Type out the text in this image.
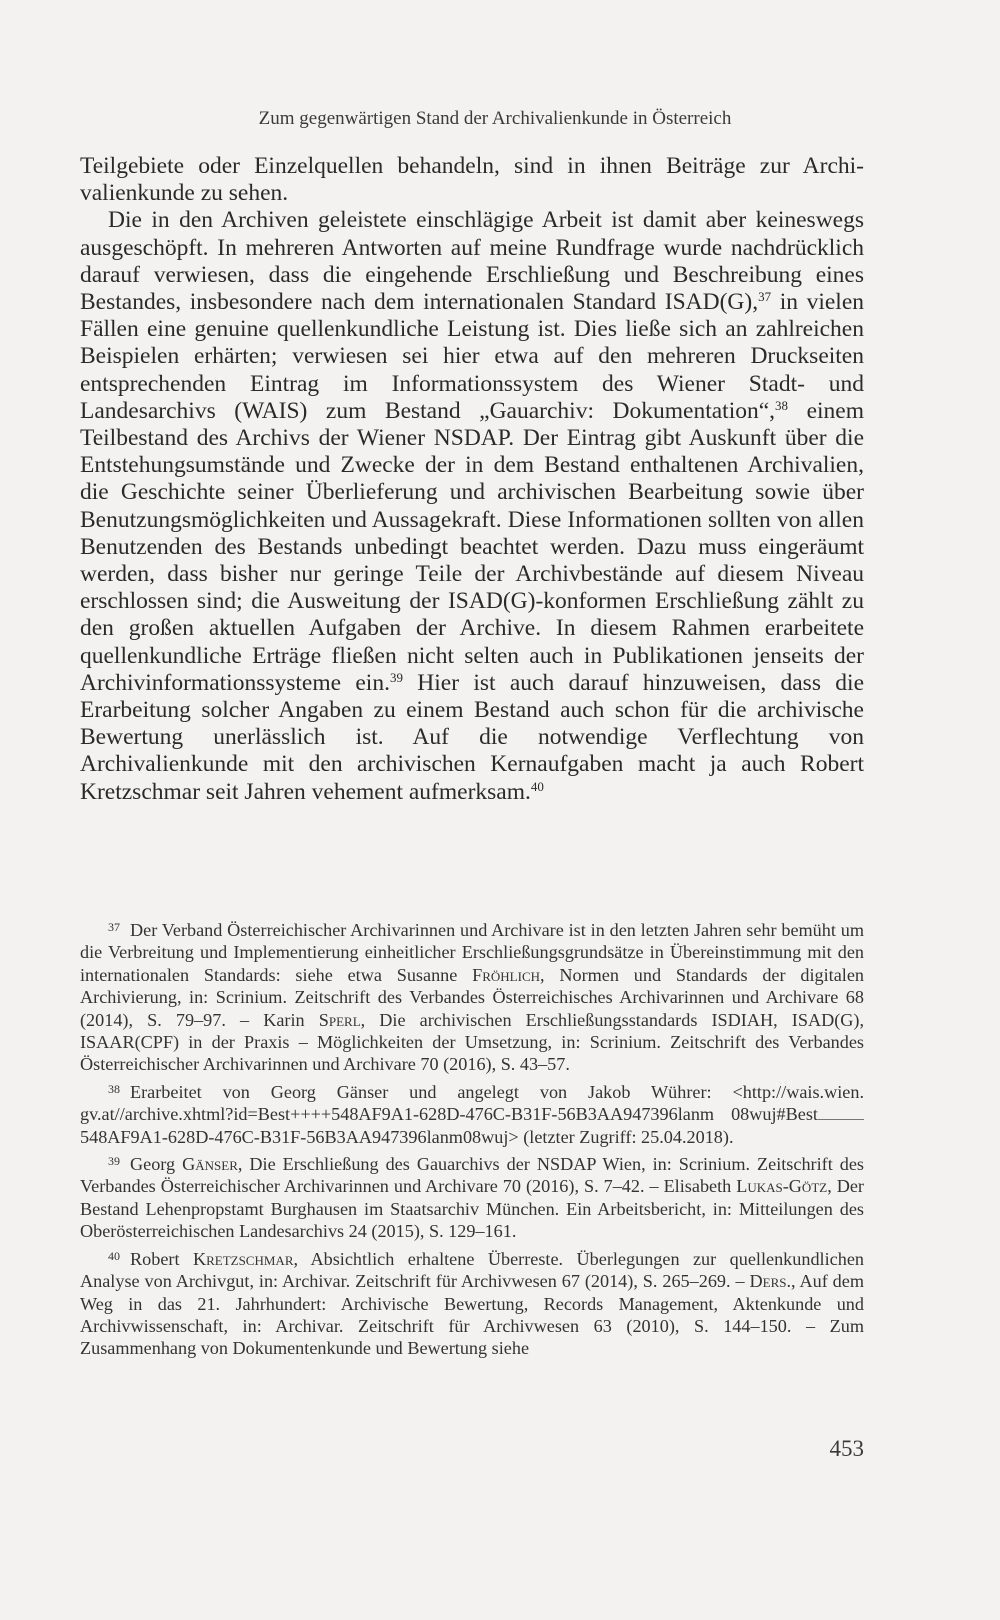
Zum gegenwärtigen Stand der Archivalienkunde in Österreich

Teilgebiete oder Einzelquellen behandeln, sind in ihnen Beiträge zur Archivalienkunde zu sehen.

Die in den Archiven geleistete einschlägige Arbeit ist damit aber keineswegs ausgeschöpft. In mehreren Antworten auf meine Rundfrage wurde nachdrücklich darauf verwiesen, dass die eingehende Erschließung und Beschreibung eines Bestandes, insbesondere nach dem internationalen Standard ISAD(G),$^{37}$ in vielen Fällen eine genuine quellenkundliche Leistung ist. Dies ließe sich an zahlreichen Beispielen erhärten; verwiesen sei hier etwa auf den mehreren Druckseiten entsprechenden Eintrag im Informationssystem des Wiener Stadt- und Landesarchivs (WAIS) zum Bestand „Gauarchiv: Dokumentation“,$^{38}$ einem Teilbestand des Archivs der Wiener NSDAP. Der Eintrag gibt Auskunft über die Entstehungsumstände und Zwecke der in dem Bestand enthaltenen Archivalien, die Geschichte seiner Überlieferung und archivischen Bearbeitung sowie über Benutzungsmöglichkeiten und Aussagekraft. Diese Informationen sollten von allen Benutzenden des Bestands unbedingt beachtet werden. Dazu muss eingeräumt werden, dass bisher nur geringe Teile der Archivbestände auf diesem Niveau erschlossen sind; die Ausweitung der ISAD(G)-konformen Erschließung zählt zu den großen aktuellen Aufgaben der Archive. In diesem Rahmen erarbeitete quellenkundliche Erträge fließen nicht selten auch in Publikationen jenseits der Archivinformationssysteme ein.$^{39}$ Hier ist auch darauf hinzuweisen, dass die Erarbeitung solcher Angaben zu einem Bestand auch schon für die archivische Bewertung unerlässlich ist. Auf die notwendige Verflechtung von Archivalienkunde mit den archivischen Kernaufgaben macht ja auch Robert Kretzschmar seit Jahren vehement aufmerksam.$^{40}$

$^{37}$ Der Verband Österreichischer Archivarinnen und Archivare ist in den letzten Jahren sehr bemüht um die Verbreitung und Implementierung einheitlicher Erschließungsgrundsätze in Übereinstimmung mit den internationalen Standards: siehe etwa Susanne Fröhlich, Normen und Standards der digitalen Archivierung, in: Scrinium. Zeitschrift des Verbandes Österreichisches Archivarinnen und Archivare 68 (2014), S. 79–97. – Karin Sperl, Die archivischen Erschließungsstandards ISDIAH, ISAD(G), ISAAR(CPF) in der Praxis – Möglichkeiten der Umsetzung, in: Scrinium. Zeitschrift des Verbandes Österreichischer Archivarinnen und Archivare 70 (2016), S. 43–57.

$^{38}$ Erarbeitet von Georg Gänser und angelegt von Jakob Wührer: <http://wais.wien. gv.at//archive.xhtml?id=Best++++548AF9A1-628D-476C-B31F-56B3AA947396lanm 08wuj#Best548AF9A1-628D-476C-B31F-56B3AA947396lanm08wuj> (letzter Zugriff: 25.04.2018).

$^{39}$ Georg Gänser, Die Erschließung des Gauarchivs der NSDAP Wien, in: Scrinium. Zeitschrift des Verbandes Österreichischer Archivarinnen und Archivare 70 (2016), S. 7–42. – Elisabeth Lukas-Götz, Der Bestand Lehenpropstamt Burghausen im Staatsarchiv München. Ein Arbeitsbericht, in: Mitteilungen des Oberösterreichischen Landesarchivs 24 (2015), S. 129–161.

$^{40}$ Robert Kretzschmar, Absichtlich erhaltene Überreste. Überlegungen zur quellenkundlichen Analyse von Archivgut, in: Archivar. Zeitschrift für Archivwesen 67 (2014), S. 265–269. – Ders., Auf dem Weg in das 21. Jahrhundert: Archivische Bewertung, Records Management, Aktenkunde und Archivwissenschaft, in: Archivar. Zeitschrift für Archivwesen 63 (2010), S. 144–150. – Zum Zusammenhang von Dokumentenkunde und Bewertung siehe

453
